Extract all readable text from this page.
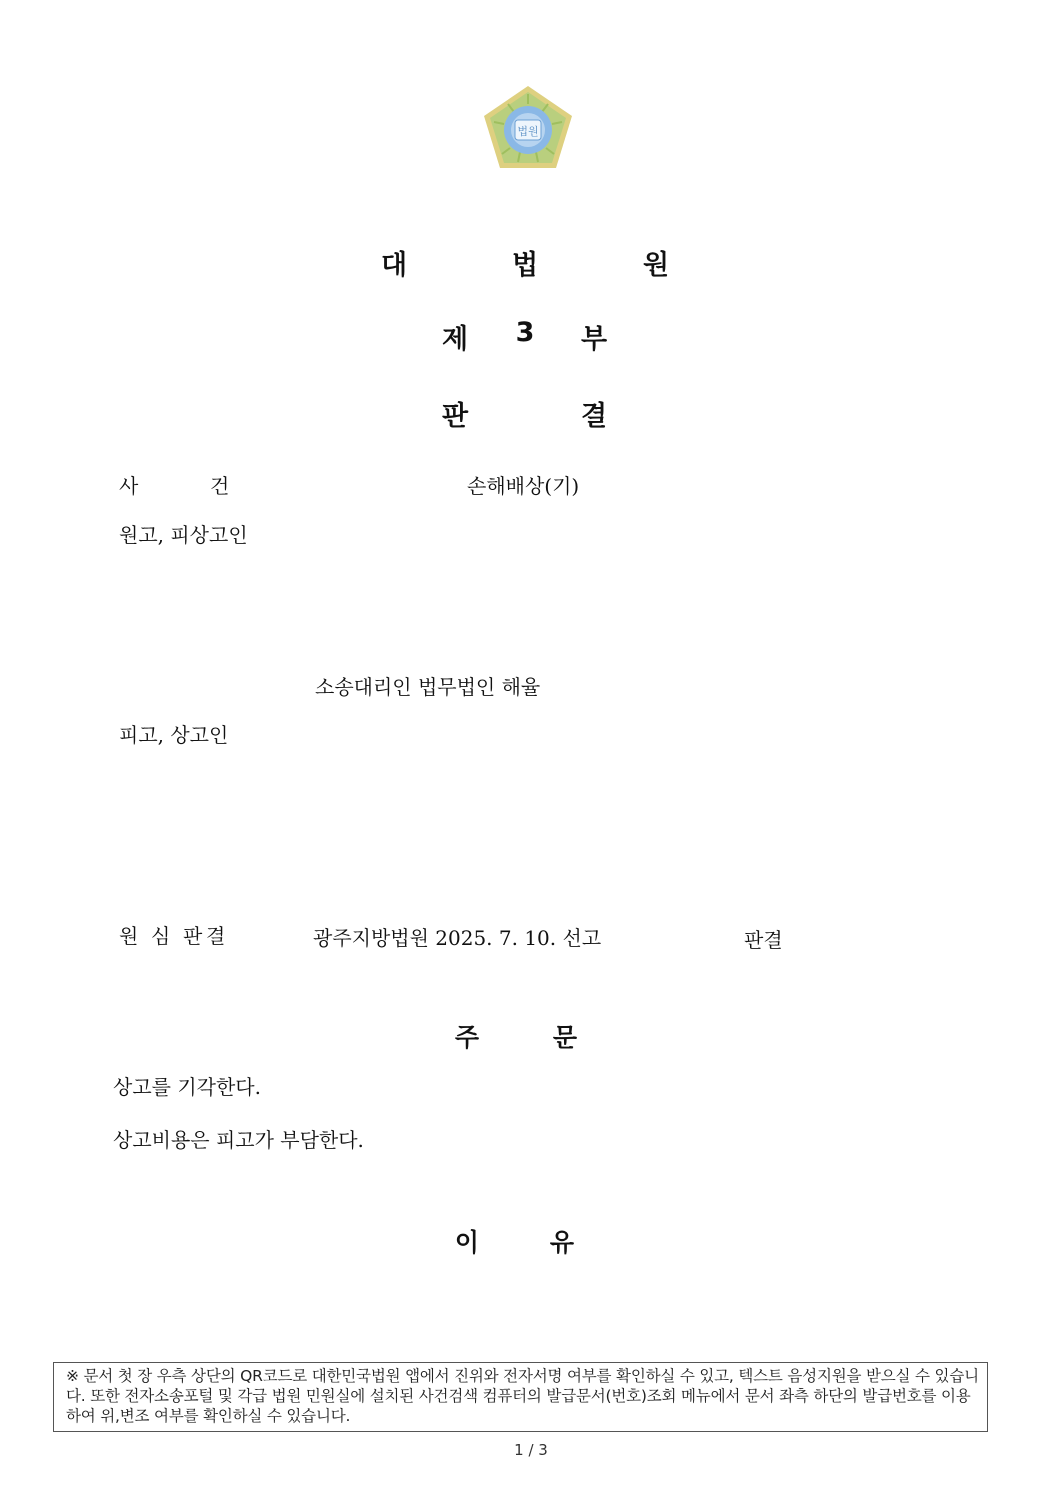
법원
대	법	원
제 3 부
판	결
사	건	손해배상(기)
원고, 피상고인
소송대리인 법무법인 해율
피고, 상고인
원 심 판 결	광주지방법원 2025. 7. 10. 선고	판결
주	문
상고를 기각한다.
상고비용은 피고가 부담한다.
이	유
※ 문서 첫 장 우측 상단의 QR코드로 대한민국법원 앱에서 진위와 전자서명 여부를 확인하실 수 있고, 텍스트 음성지원을 받으실 수 있습니다. 또한 전자소송포털 및 각급 법원 민원실에 설치된 사건검색 컴퓨터의 발급문서(번호)조회 메뉴에서 문서 좌측 하단의 발급번호를 이용하여 위,변조 여부를 확인하실 수 있습니다.
1 / 3
